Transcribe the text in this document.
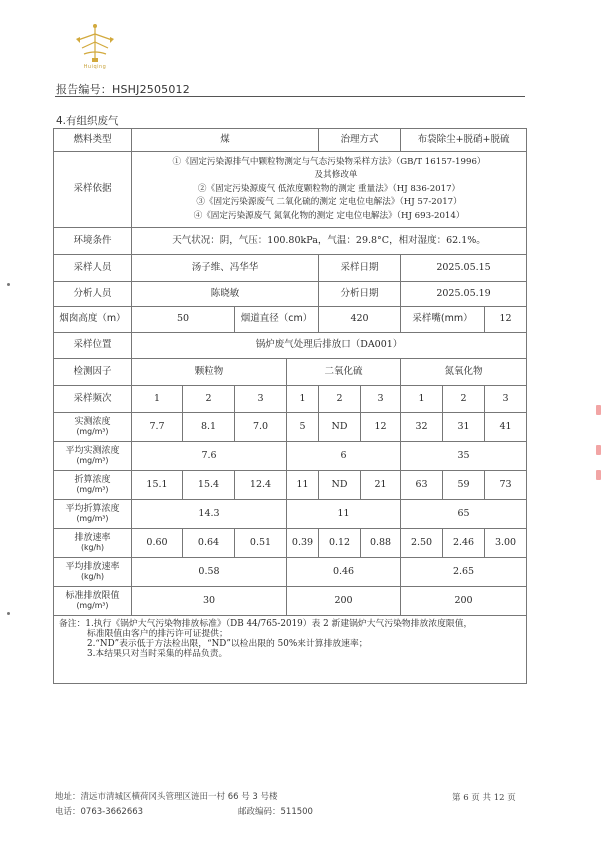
Huiqing
报告编号：HSHJ2505012
4.有组织废气
燃料类型	煤				治理方式		布袋除尘+脱硝+脱硫		
采样依据	①《固定污染源排气中颗粒物测定与气态污染物采样方法》（GB/T 16157-1996）
及其修改单
②《固定污染源废气 低浓度颗粒物的测定 重量法》（HJ 836-2017）
③《固定污染源废气 二氧化硫的测定 定电位电解法》（HJ 57-2017）
④《固定污染源废气 氮氧化物的测定 定电位电解法》（HJ 693-2014）								

环境条件	天气状况：阴，气压：100.80kPa，气温：29.8°C，相对湿度：62.1%。								
采样人员	汤子维、冯华华				采样日期		2025.05.15		
分析人员	陈晓敏				分析日期		2025.05.19		
烟囱高度（m）	50		烟道直径（cm）		420		采样嘴(mm）		12
采样位置	锅炉废气处理后排放口（DA001）								
检测因子	颗粒物			二氧化硫			氮氧化物		
采样频次	1	2	3	1	2	3	1	2	3
实测浓度
(mg/m³)	7.7	8.1	7.0	5	ND	12	32	31	41
平均实测浓度
(mg/m³)	7.6			6			35		
折算浓度
(mg/m³)	15.1	15.4	12.4	11	ND	21	63	59	73
平均折算浓度
(mg/m³)	14.3			11			65		
排放速率
(kg/h)	0.60	0.64	0.51	0.39	0.12	0.88	2.50	2.46	3.00
平均排放速率
(kg/h)	0.58			0.46			2.65		
标准排放限值
(mg/m³)	30			200			200		

备注：1.执行《锅炉大气污染物排放标准》（DB 44/765-2019）表 2 新建锅炉大气污染物排放浓度限值，
标准限值由客户的排污许可证提供；
2.“ND”表示低于方法检出限，“ND”以检出限的 50%来计算排放速率；
3.本结果只对当时采集的样品负责。									
地址：清远市清城区横荷冈头管理区涟田一村 66 号 3 号楼
电话：0763-3662663	邮政编码：511500
第 6 页 共 12 页
